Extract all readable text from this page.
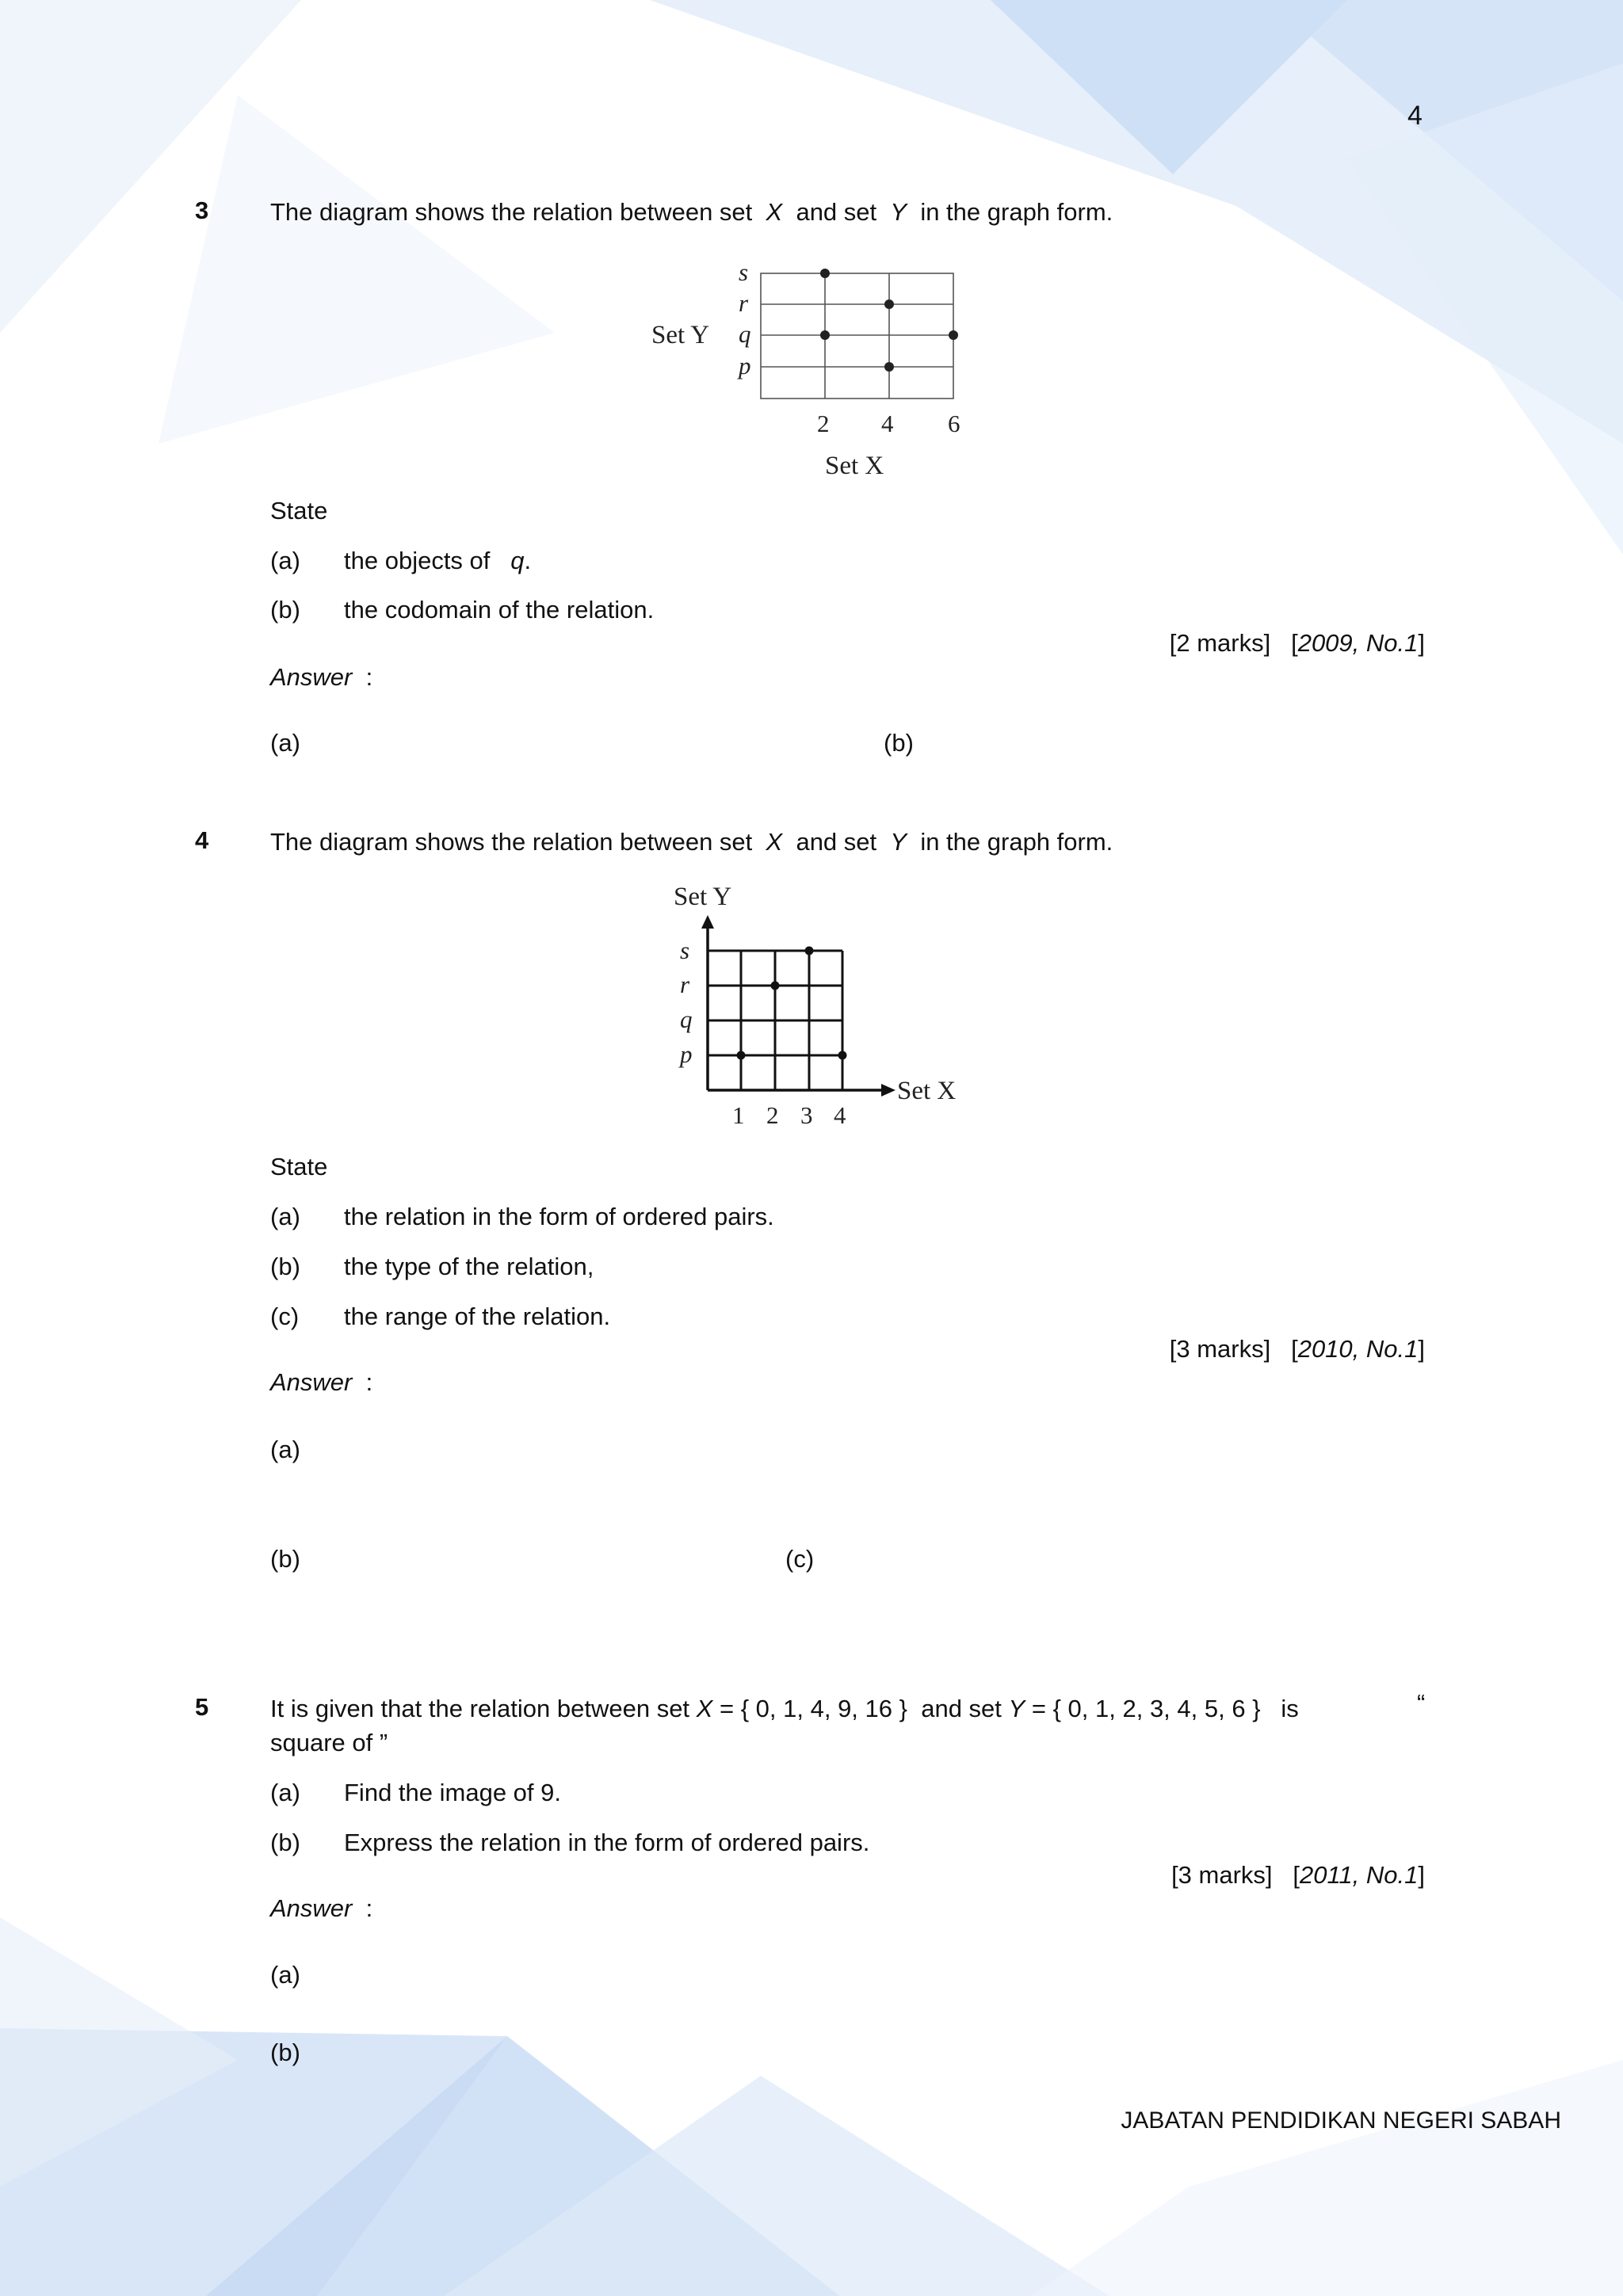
4
3	The diagram shows the relation between set X and set Y in the graph form.
s
r
q
p
Set Y
2 4 6
Set X
State
(a) the objects of q.
(b) the codomain of the relation.
[2 marks] [2009, No.1]
Answer :
(a)	(b)
4	The diagram shows the relation between set X and set Y in the graph form.
Set Y
s
r
q
p
1 2 3 4
Set X
State
(a) the relation in the form of ordered pairs.
(b) the type of the relation,
(c) the range of the relation.
[3 marks] [2010, No.1]
Answer :
(a)
(b)	(c)
5	It is given that the relation between set X = { 0, 1, 4, 9, 16 } and set Y = { 0, 1, 2, 3, 4, 5, 6 } is	“
square of ”
(a) Find the image of 9.
(b) Express the relation in the form of ordered pairs.
[3 marks] [2011, No.1]
Answer :
(a)
(b)
JABATAN PENDIDIKAN NEGERI SABAH
